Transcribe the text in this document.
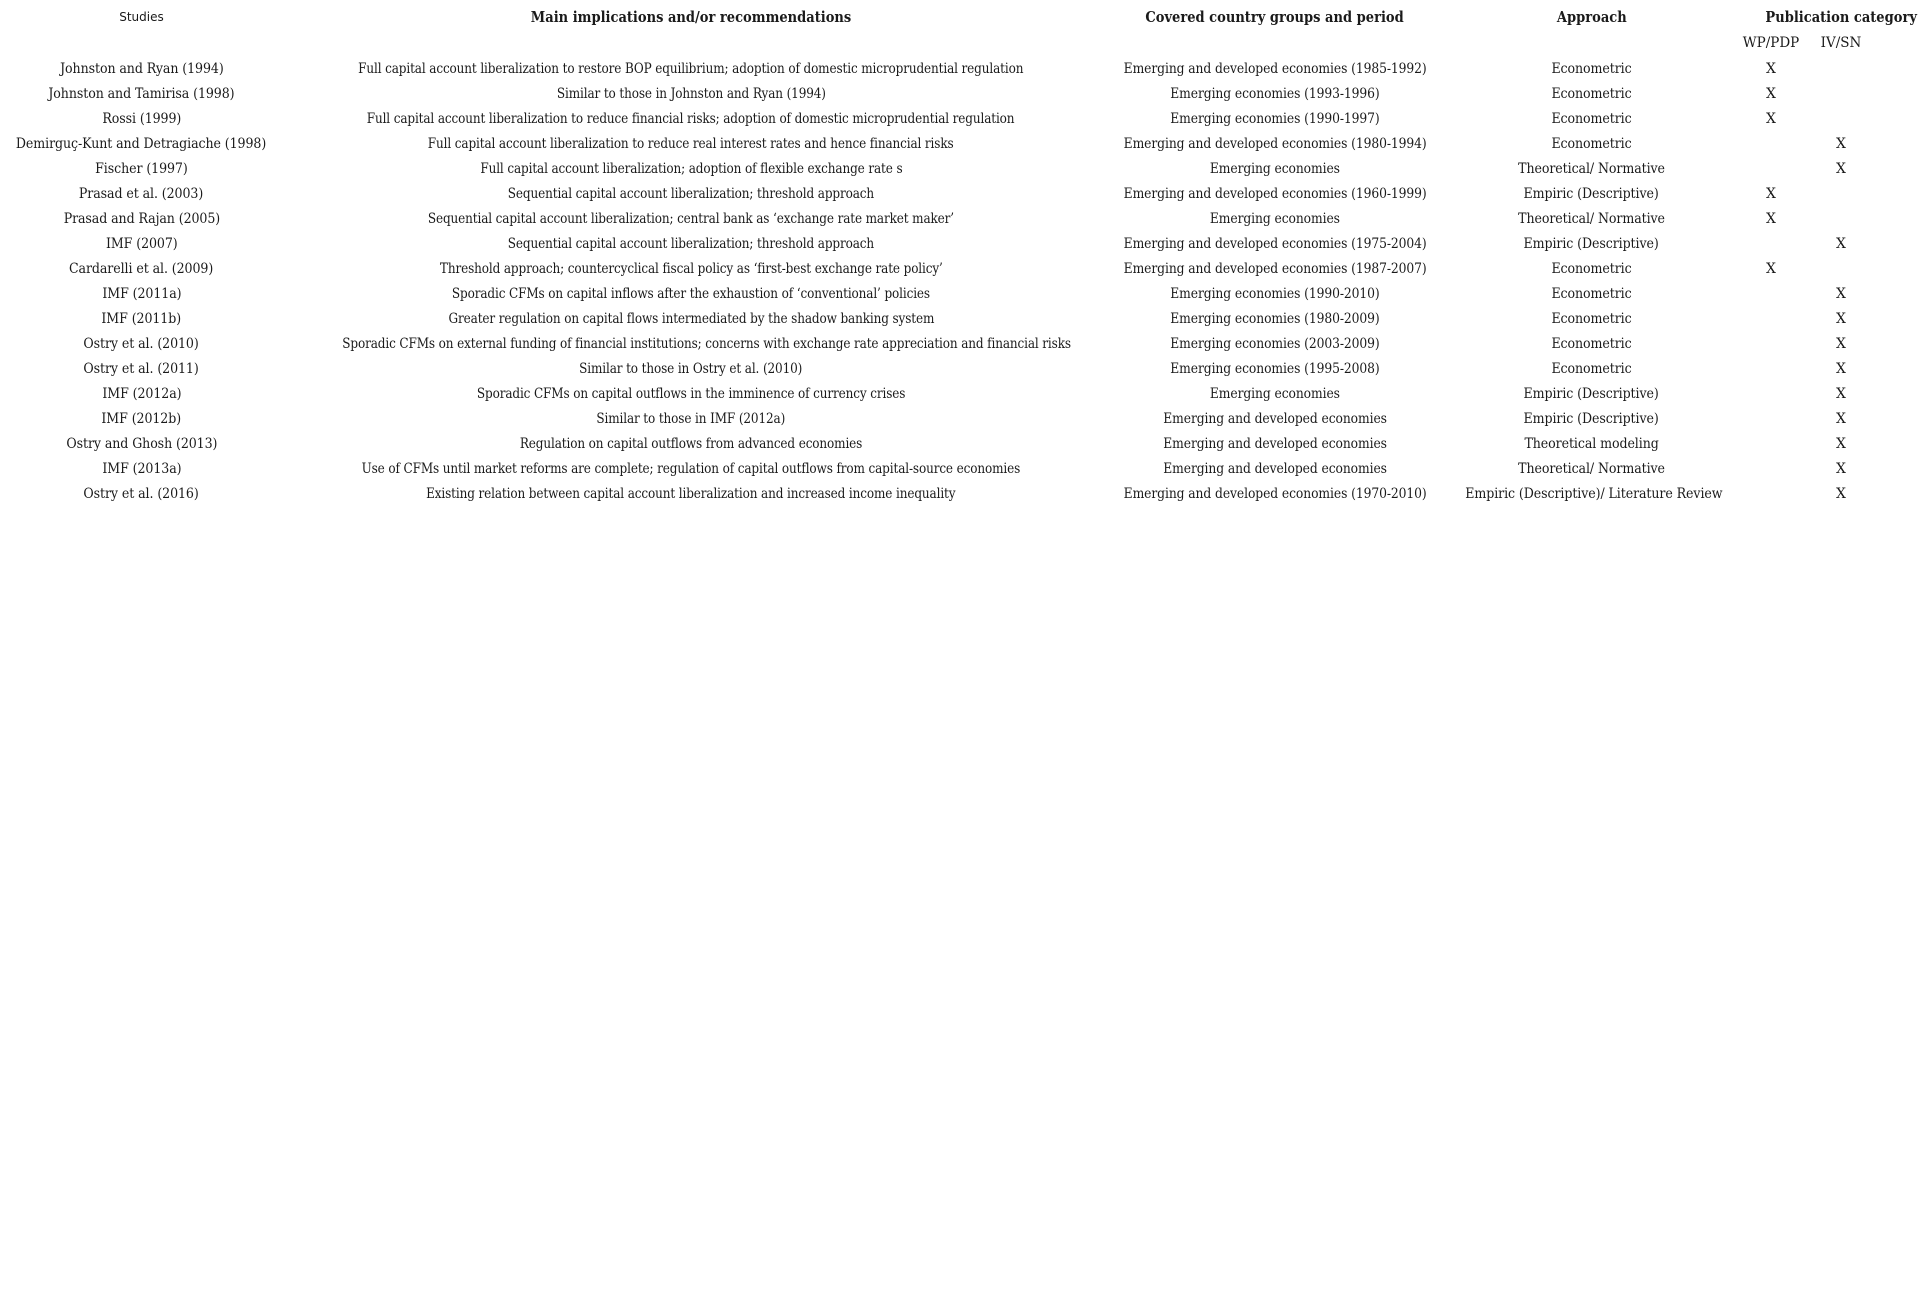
Studies	Main implications and/or recommendations	Covered country groups and period	Approach	Publication category	
				WP/PDP	IV/SN
Johnston and Ryan (1994)	Full capital account liberalization to restore BOP equilibrium; adoption of domestic microprudential regulation	Emerging and developed economies (1985-1992)	Econometric	X	
Johnston and Tamirisa (1998)	Similar to those in Johnston and Ryan (1994)	Emerging economies (1993-1996)	Econometric	X	
Rossi (1999)	Full capital account liberalization to reduce financial risks; adoption of domestic microprudential regulation	Emerging economies (1990-1997)	Econometric	X	
Demirguç-Kunt and Detragiache (1998)	Full capital account liberalization to reduce real interest rates and hence financial risks	Emerging and developed economies (1980-1994)	Econometric		X
Fischer (1997)	Full capital account liberalization; adoption of flexible exchange rate s	Emerging economies	Theoretical/ Normative		X
Prasad et al. (2003)	Sequential capital account liberalization; threshold approach	Emerging and developed economies (1960-1999)	Empiric (Descriptive)	X	
Prasad and Rajan (2005)	Sequential capital account liberalization; central bank as ‘exchange rate market maker’	Emerging economies	Theoretical/ Normative	X	
IMF (2007)	Sequential capital account liberalization; threshold approach	Emerging and developed economies (1975-2004)	Empiric (Descriptive)		X
Cardarelli et al. (2009)	Threshold approach; countercyclical fiscal policy as ‘first-best exchange rate policy’	Emerging and developed economies (1987-2007)	Econometric	X	
IMF (2011a)	Sporadic CFMs on capital inflows after the exhaustion of ‘conventional’ policies	Emerging economies (1990-2010)	Econometric		X
IMF (2011b)	Greater regulation on capital flows intermediated by the shadow banking system	Emerging economies (1980-2009)	Econometric		X
Ostry et al. (2010)	Sporadic CFMs on external funding of financial institutions; concerns with exchange rate appreciation and financial risks	Emerging economies (2003-2009)	Econometric		X
Ostry et al. (2011)	Similar to those in Ostry et al. (2010)	Emerging economies (1995-2008)	Econometric		X
IMF (2012a)	Sporadic CFMs on capital outflows in the imminence of currency crises	Emerging economies	Empiric (Descriptive)		X
IMF (2012b)	Similar to those in IMF (2012a)	Emerging and developed economies	Empiric (Descriptive)		X
Ostry and Ghosh (2013)	Regulation on capital outflows from advanced economies	Emerging and developed economies	Theoretical modeling		X
IMF (2013a)	Use of CFMs until market reforms are complete; regulation of capital outflows from capital-source economies	Emerging and developed economies	Theoretical/ Normative		X
Ostry et al. (2016)	Existing relation between capital account liberalization and increased income inequality	Emerging and developed economies (1970-2010)	Empiric (Descriptive)/ Literature Review		X
